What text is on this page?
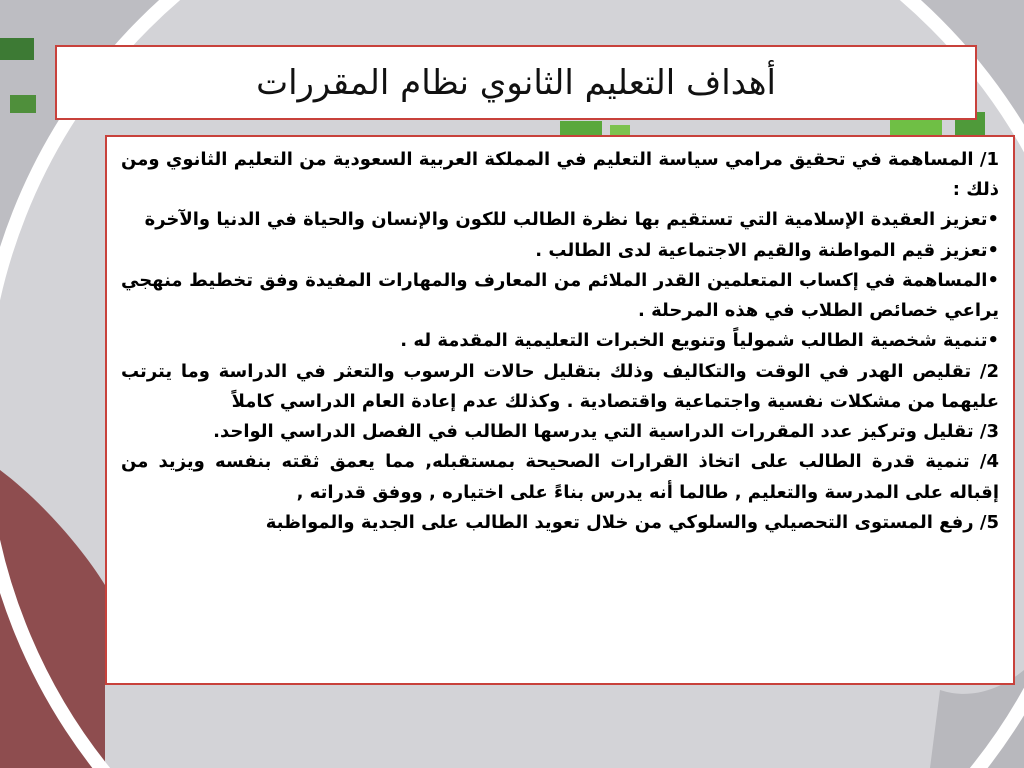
أهداف التعليم الثانوي نظام المقررات

1/ المساهمة في تحقيق مرامي سياسة التعليم في المملكة العربية السعودية من التعليم الثانوي ومن ذلك :

•تعزيز العقيدة الإسلامية التي تستقيم بها نظرة الطالب للكون والإنسان والحياة في الدنيا والآخرة

•تعزيز قيم المواطنة والقيم الاجتماعية لدى الطالب .

•المساهمة في إكساب المتعلمين القدر الملائم من المعارف والمهارات المفيدة وفق تخطيط منهجي يراعي خصائص الطلاب في هذه المرحلة .

•تنمية شخصية الطالب شمولياً وتنويع الخبرات التعليمية المقدمة له .

2/ تقليص الهدر في الوقت والتكاليف وذلك بتقليل حالات الرسوب والتعثر في الدراسة وما يترتب عليهما من مشكلات نفسية واجتماعية واقتصادية . وكذلك عدم إعادة العام الدراسي كاملاً

3/ تقليل وتركيز عدد المقررات الدراسية التي يدرسها الطالب في الفصل الدراسي الواحد.

4/ تنمية قدرة الطالب على اتخاذ القرارات الصحيحة بمستقبله, مما يعمق ثقته بنفسه ويزيد من إقباله على المدرسة والتعليم , طالما أنه يدرس بناءً على اختياره , ووفق قدراته ,

5/ رفع المستوى التحصيلي والسلوكي من خلال تعويد الطالب على الجدية والمواظبة
